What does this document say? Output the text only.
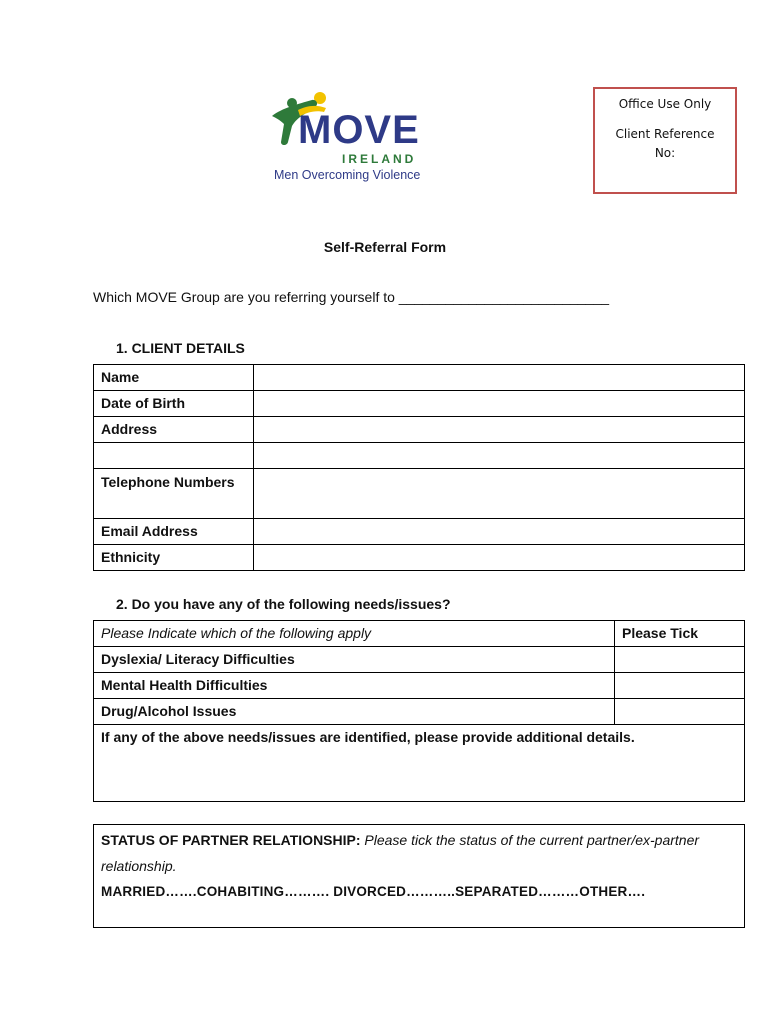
MOVE
IRELAND
Men Overcoming Violence
Office Use Only
Client Reference
No:
Self-Referral Form
Which MOVE Group are you referring yourself to ___________________________
1. CLIENT DETAILS
Name	
Date of Birth	
Address	

Telephone Numbers	
Email Address	
Ethnicity	
2. Do you have any of the following needs/issues?
Please Indicate which of the following apply	Please Tick
Dyslexia/ Literacy Difficulties	
Mental Health Difficulties	
Drug/Alcohol Issues	
If any of the above needs/issues are identified, please provide additional details.	
STATUS OF PARTNER RELATIONSHIP: Please tick the status of the current partner/ex-partner relationship.
MARRIED…….COHABITING………. DIVORCED………..SEPARATED………OTHER….
